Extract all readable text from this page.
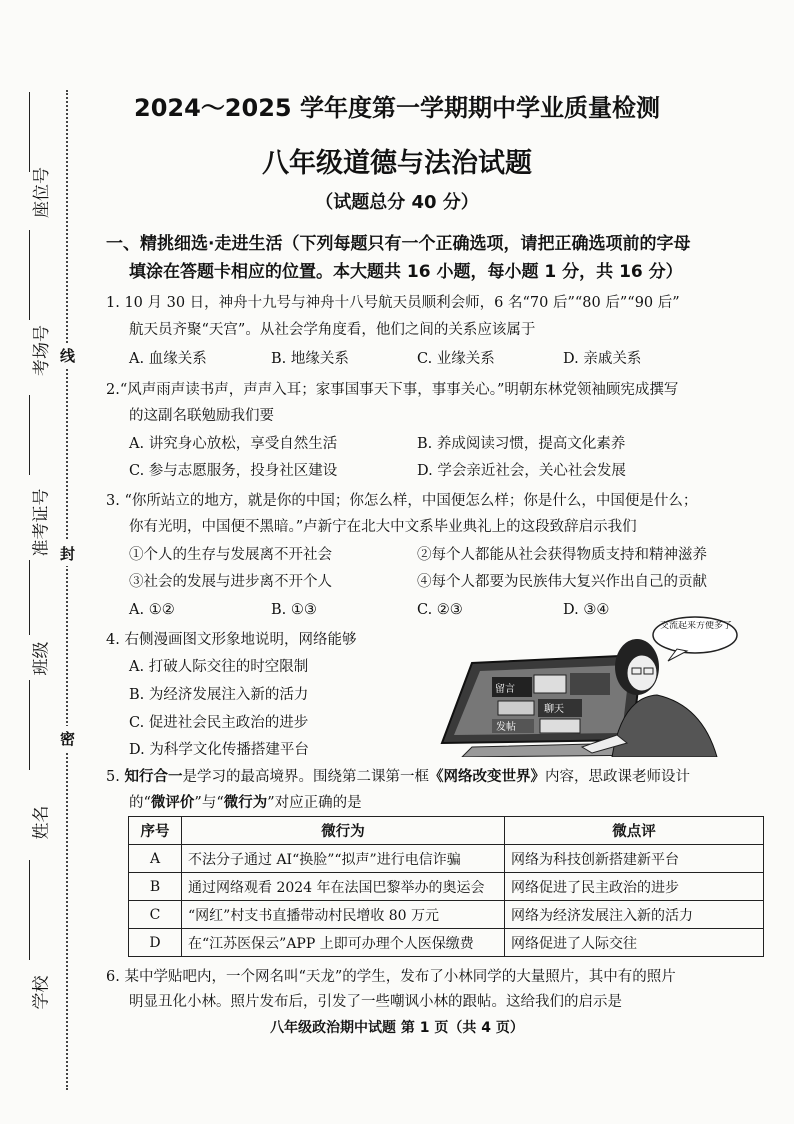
座位号
考场号
准考证号
班级
姓名
学校
线
封
密
2024～2025 学年度第一学期期中学业质量检测
八年级道德与法治试题
（试题总分 40 分）
一、精挑细选·走进生活（下列每题只有一个正确选项，请把正确选项前的字母
填涂在答题卡相应的位置。本大题共 16 小题，每小题 1 分，共 16 分）
1. 10 月 30 日，神舟十九号与神舟十八号航天员顺利会师，6 名“70 后”“80 后”“90 后”
航天员齐聚“天宫”。从社会学角度看，他们之间的关系应该属于
A. 血缘关系	B. 地缘关系	C. 业缘关系	D. 亲戚关系
2.“风声雨声读书声，声声入耳；家事国事天下事，事事关心。”明朝东林党领袖顾宪成撰写
的这副名联勉励我们要
A. 讲究身心放松，享受自然生活	B. 养成阅读习惯，提高文化素养
C. 参与志愿服务，投身社区建设	D. 学会亲近社会，关心社会发展
3. “你所站立的地方，就是你的中国；你怎么样，中国便怎么样；你是什么，中国便是什么；
你有光明，中国便不黑暗。”卢新宁在北大中文系毕业典礼上的这段致辞启示我们
①个人的生存与发展离不开社会	②每个人都能从社会获得物质支持和精神滋养
③社会的发展与进步离不开个人	④每个人都要为民族伟大复兴作出自己的贡献
A. ①②	B. ①③	C. ②③	D. ③④
4. 右侧漫画图文形象地说明，网络能够
A. 打破人际交往的时空限制
B. 为经济发展注入新的活力
C. 促进社会民主政治的进步
D. 为科学文化传播搭建平台
留言
聊天
发帖
交流起来方便多了
5. 知行合一是学习的最高境界。围绕第二课第一框《网络改变世界》内容，思政课老师设计
的“微评价”与“微行为”对应正确的是
序号	微行为	微点评
A	不法分子通过 AI“换脸”“拟声”进行电信诈骗	网络为科技创新搭建新平台
B	通过网络观看 2024 年在法国巴黎举办的奥运会	网络促进了民主政治的进步
C	“网红”村支书直播带动村民增收 80 万元	网络为经济发展注入新的活力
D	在“江苏医保云”APP 上即可办理个人医保缴费	网络促进了人际交往
6. 某中学贴吧内，一个网名叫“天龙”的学生，发布了小林同学的大量照片，其中有的照片
明显丑化小林。照片发布后，引发了一些嘲讽小林的跟帖。这给我们的启示是
八年级政治期中试题 第 1 页（共 4 页）
